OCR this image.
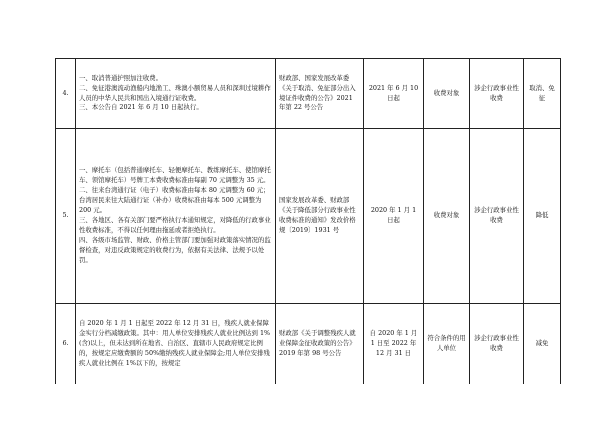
4.	一、取消普通护照加注收费。
二、免征港澳流动渔船内地渔工、珠澳小额贸易人员和深圳过境耕作人员的中华人民共和国出入境通行证收费。
三、本公告自 2021 年 6 月 10 日起执行。	财政部、国家发展改革委《关于取消、免征部分出入境证件收费的公告》2021 年第 22 号公告	2021 年 6 月 10 日起	收费对象	涉企行政事业性收费	取消、免征
5.	一、摩托车（包括普通摩托车、轻便摩托车、教练摩托车、使馆摩托车、领馆摩托车）号牌工本费收费标准由每副 70 元调整为 35 元。
二、往来台湾通行证（电子）收费标准由每本 80 元调整为 60 元；台湾居民来往大陆通行证（补办）收费标准由每本 500 元调整为 200 元。
三、各地区、各有关部门要严格执行本通知规定，对降低的行政事业性收费标准，不得以任何理由拖延或者拒绝执行。
四、各级市场监管、财政、价格主管部门要加强对政策落实情况的监督检查，对违反政策规定的收费行为，依据有关法律、法规予以处罚。	国家发展改革委、财政部《关于降低部分行政事业性收费标准的通知》发改价格规〔2019〕1931 号	2020 年 1 月 1 日起	收费对象	涉企行政事业性收费	降低
6.	自 2020 年 1 月 1 日起至 2022 年 12 月 31 日，残疾人就业保障金实行分档减缴政策。其中：用人单位安排残疾人就业比例达到 1%(含)以上，但未达到所在地省、自治区、直辖市人民政府规定比例的，按规定应缴费额的 50%缴纳残疾人就业保障金;用人单位安排残疾人就业比例在 1%以下的，按规定	财政部《关于调整残疾人就业保障金征收政策的公告》2019 年第 98 号公告	自 2020 年 1 月 1 日至 2022 年 12 月 31 日	符合条件的用人单位	涉企行政事业性收费	减免
